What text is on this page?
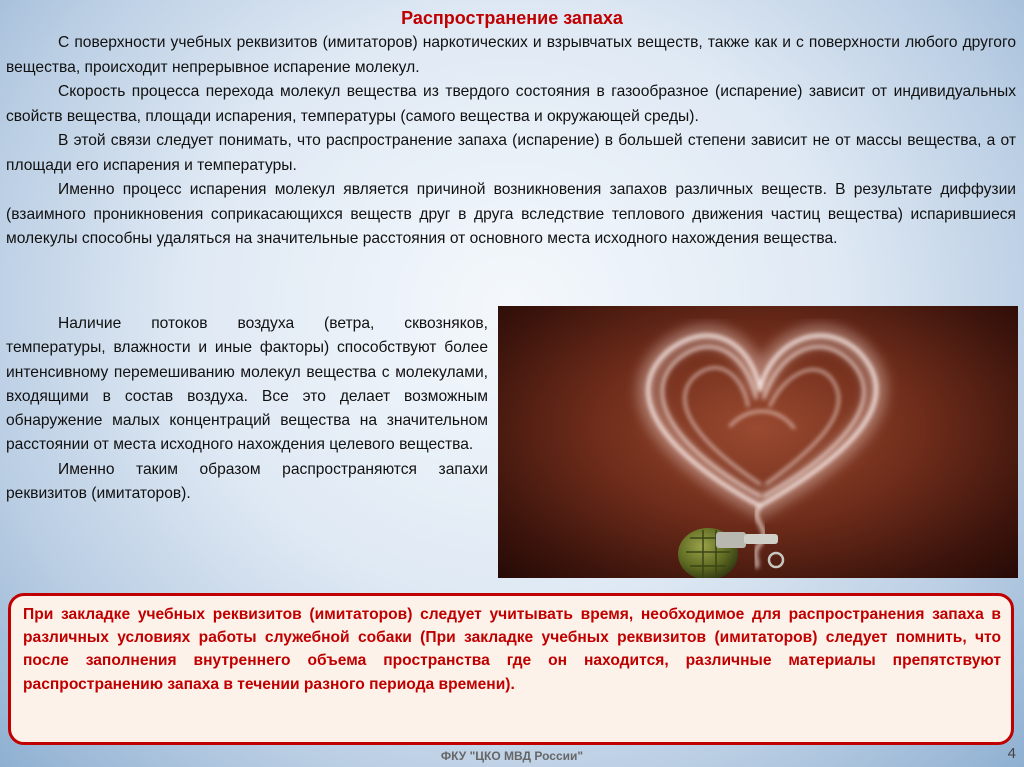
Распространение запаха

С поверхности учебных реквизитов (имитаторов) наркотических и взрывчатых веществ, также как и с поверхности любого другого вещества, происходит непрерывное испарение молекул.

Скорость процесса перехода молекул вещества из твердого состояния в газообразное (испарение) зависит от индивидуальных свойств вещества, площади испарения, температуры (самого вещества и окружающей среды).

В этой связи следует понимать, что распространение запаха (испарение) в большей степени зависит не от массы вещества, а от площади его испарения и температуры.

Именно процесс испарения молекул является причиной возникновения запахов различных веществ. В результате диффузии (взаимного проникновения соприкасающихся веществ друг в друга вследствие теплового движения частиц вещества) испарившиеся молекулы способны удаляться на значительные расстояния от основного места исходного нахождения вещества.

Наличие потоков воздуха (ветра, сквозняков, температуры, влажности и иные факторы) способствуют более интенсивному перемешиванию молекул вещества с молекулами, входящими в состав воздуха. Все это делает возможным обнаружение малых концентраций вещества на значительном расстоянии от места исходного нахождения целевого вещества.

Именно таким образом распространяются запахи реквизитов (имитаторов).

При закладке учебных реквизитов (имитаторов) следует учитывать время, необходимое для распространения запаха в различных условиях работы служебной собаки (При закладке учебных реквизитов (имитаторов) следует помнить, что после заполнения внутреннего объема пространства где он находится, различные материалы препятствуют распространению запаха в течении разного периода времени).

ФКУ "ЦКО МВД России"	4
